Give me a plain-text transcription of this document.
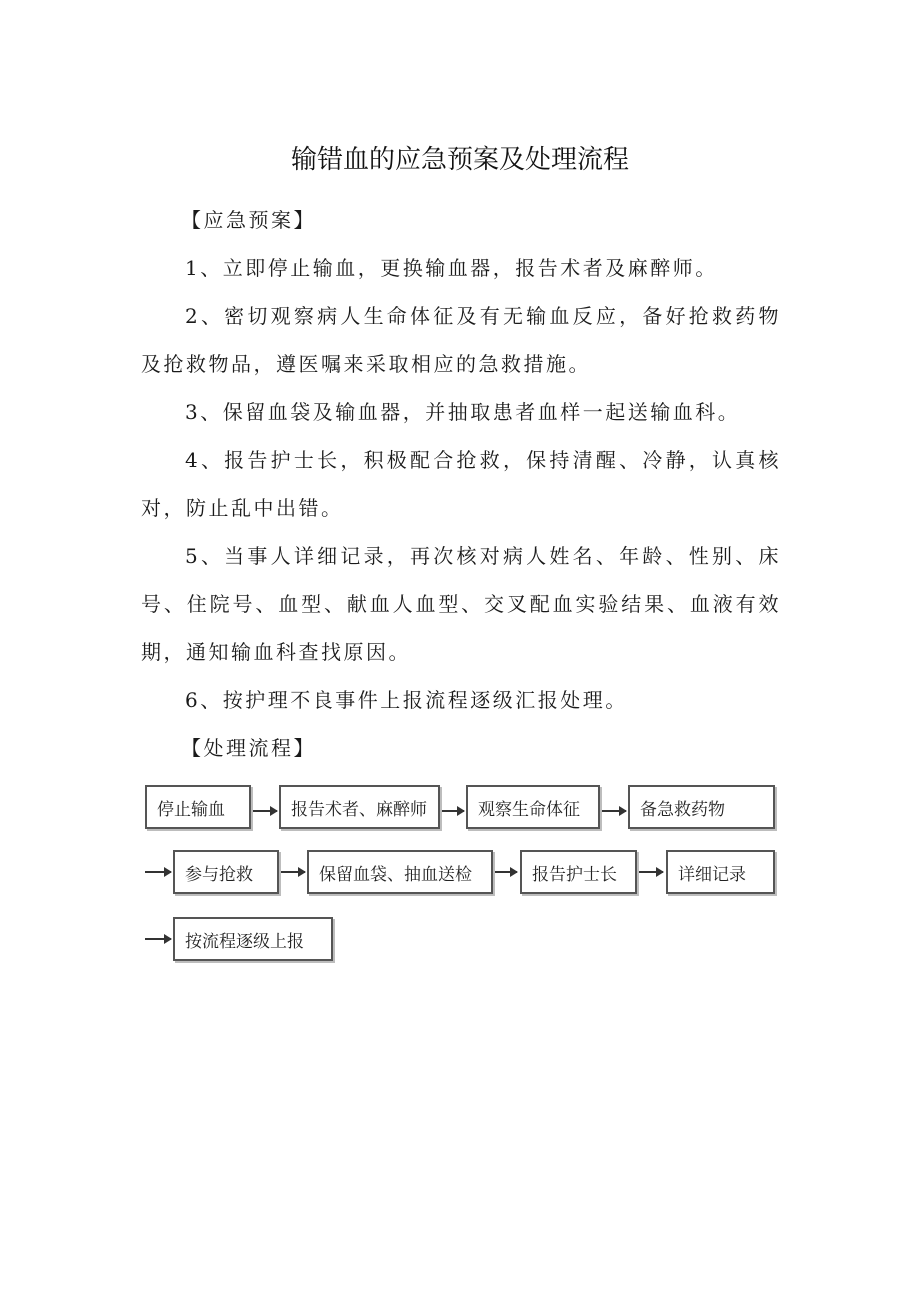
输错血的应急预案及处理流程

【应急预案】

1、立即停止输血，更换输血器，报告术者及麻醉师。

2、密切观察病人生命体征及有无输血反应，备好抢救药物及抢救物品，遵医嘱来采取相应的急救措施。

3、保留血袋及输血器，并抽取患者血样一起送输血科。

4、报告护士长，积极配合抢救，保持清醒、冷静，认真核对，防止乱中出错。

5、当事人详细记录，再次核对病人姓名、年龄、性别、床号、住院号、血型、献血人血型、交叉配血实验结果、血液有效期，通知输血科查找原因。

6、按护理不良事件上报流程逐级汇报处理。

【处理流程】

停止输血	报告术者、麻醉师	观察生命体征	备急救药物
参与抢救	保留血袋、抽血送检	报告护士长	详细记录
按流程逐级上报
